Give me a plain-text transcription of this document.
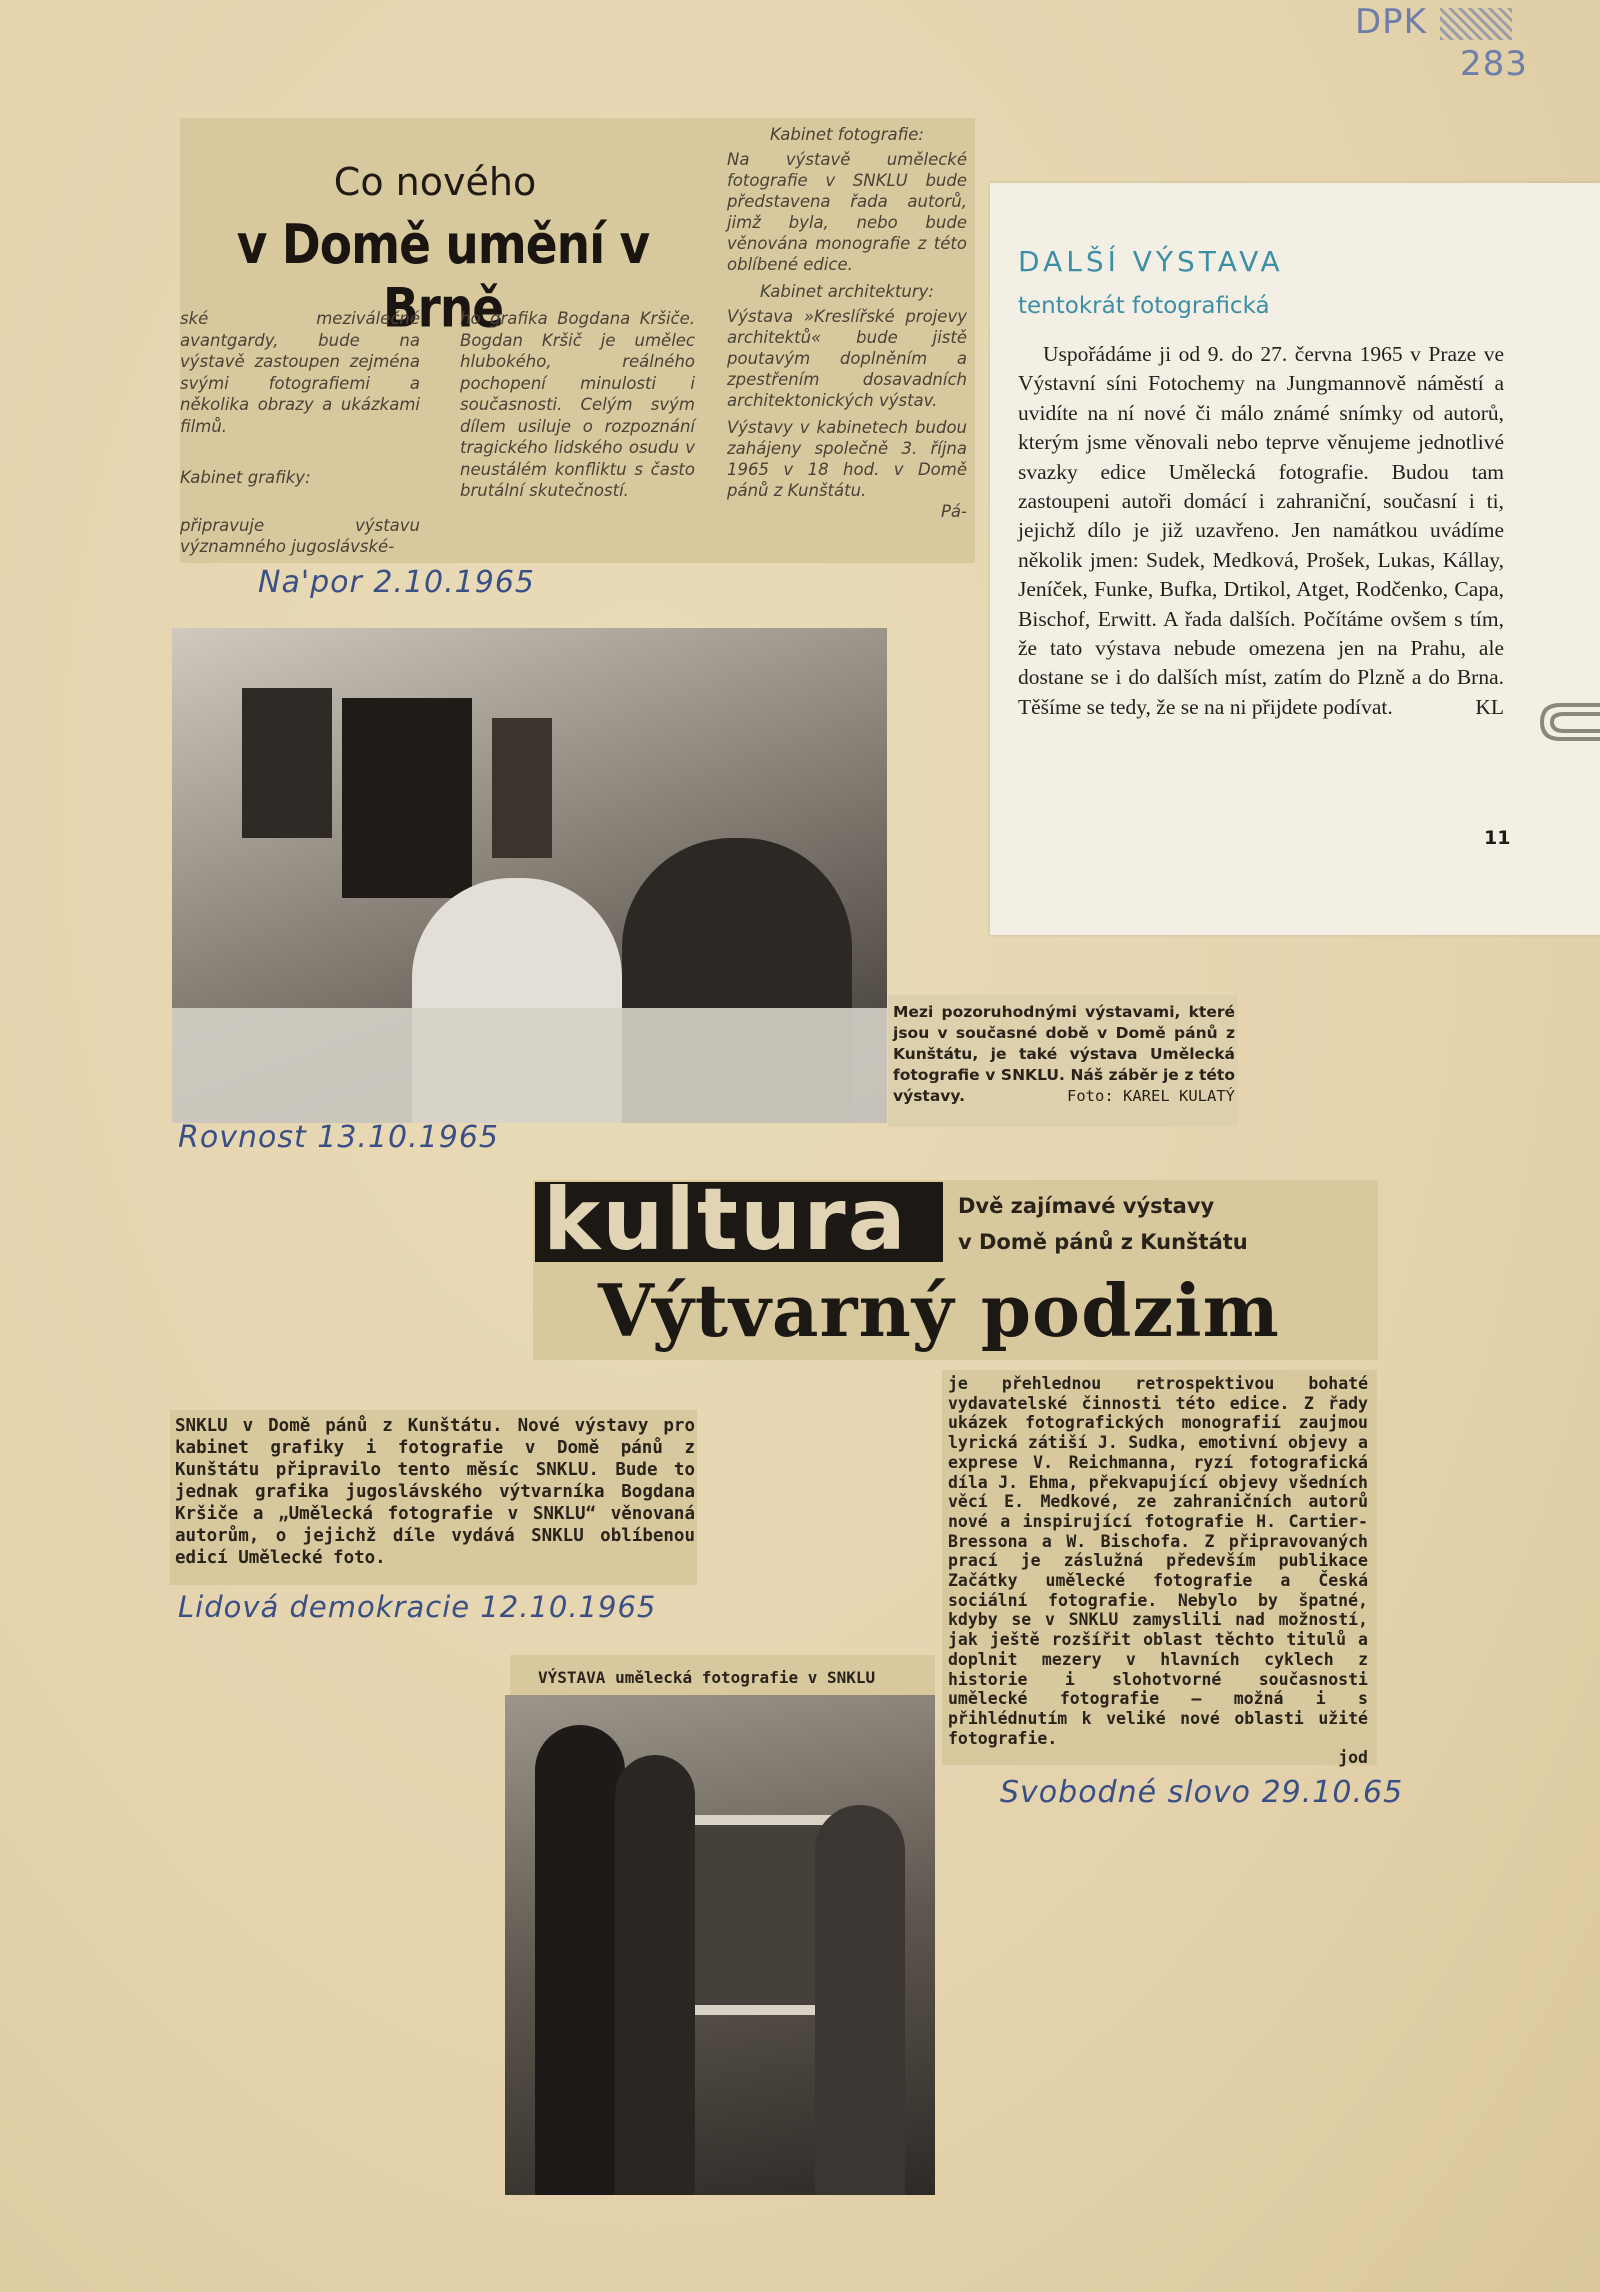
DPK
283
Co nového
v Domě umění v Brně

ské meziválečné avantgardy, bude na výstavě zastoupen zejména svými fotografiemi a několika obrazy a ukázkami filmů.

Kabinet grafiky:

připravuje výstavu významného jugoslávské-

ho grafika Bogdana Kršiče. Bogdan Kršič je umělec hlubokého, reálného pochopení minulosti i současnosti. Celým svým dílem usiluje o rozpoznání tragického lidského osudu v neustálém konfliktu s často brutální skutečností.

Kabinet fotografie:

Na výstavě umělecké fotografie v SNKLU bude představena řada autorů, jimž byla, nebo bude věnována monografie z této oblíbené edice.

Kabinet architektury:

Výstava »Kreslířské projevy architektů« bude jistě poutavým doplněním a zpestřením dosavadních architektonických výstav.

Výstavy v kabinetech budou zahájeny společně 3. října 1965 v 18 hod. v Domě pánů z Kunštátu.

Pá-

Na'por 2.10.1965
DALŠÍ VÝSTAVA
tentokrát fotografická
Uspořádáme ji od 9. do 27. června 1965 v Praze ve Výstavní síni Fotochemy na Jungmannově náměstí a uvidíte na ní nové či málo známé snímky od autorů, kterým jsme věnovali nebo teprve věnujeme jednotlivé svazky edice Umělecká fotografie. Budou tam zastoupeni autoři domácí i zahraniční, současní i ti, jejichž dílo je již uzavřeno. Jen namátkou uvádíme několik jmen: Sudek, Medková, Prošek, Lukas, Kállay, Jeníček, Funke, Bufka, Drtikol, Atget, Rodčenko, Capa, Bischof, Erwitt. A řada dalších. Počítáme ovšem s tím, že tato výstava nebude omezena jen na Prahu, ale dostane se i do dalších míst, zatím do Plzně a do Brna. Těšíme se tedy, že se na ni přijdete podívat.	KL
11
Mezi pozoruhodnými výstavami, které jsou v současné době v Domě pánů z Kunštátu, je také výstava Umělecká fotografie v SNKLU. Náš záběr je z této výstavy.	Foto: KAREL KULATÝ
Rovnost 13.10.1965
kultura Dvě zajímavé výstavy
v Domě pánů z Kunštátu
Výtvarný podzim
je přehlednou retrospektivou bohaté vydavatelské činnosti této edice. Z řady ukázek fotografických monografií zaujmou lyrická zátiší J. Sudka, emotivní objevy a exprese V. Reichmanna, ryzí fotografická díla J. Ehma, překvapující objevy všedních věcí E. Medkové, ze zahraničních autorů nové a inspirující fotografie H. Cartier-Bressona a W. Bischofa. Z připravovaných prací je záslužná především publikace Začátky umělecké fotografie a Česká sociální fotografie. Nebylo by špatné, kdyby se v SNKLU zamyslili nad možností, jak ještě rozšířit oblast těchto titulů a doplnit mezery v hlavních cyklech z historie i slohotvorné současnosti umělecké fotografie — možná i s přihlédnutím k veliké nové oblasti užité fotografie.
jod
VÝSTAVA umělecká fotografie v SNKLU
Svobodné slovo 29.10.65
SNKLU v Domě pánů z Kunštátu. Nové výstavy pro kabinet grafiky i fotografie v Domě pánů z Kunštátu připravilo tento měsíc SNKLU. Bude to jednak grafika jugoslávského výtvarníka Bogdana Kršiče a „Umělecká fotografie v SNKLU“ věnovaná autorům, o jejichž díle vydává SNKLU oblíbenou edicí Umělecké foto.
Lidová demokracie 12.10.1965
